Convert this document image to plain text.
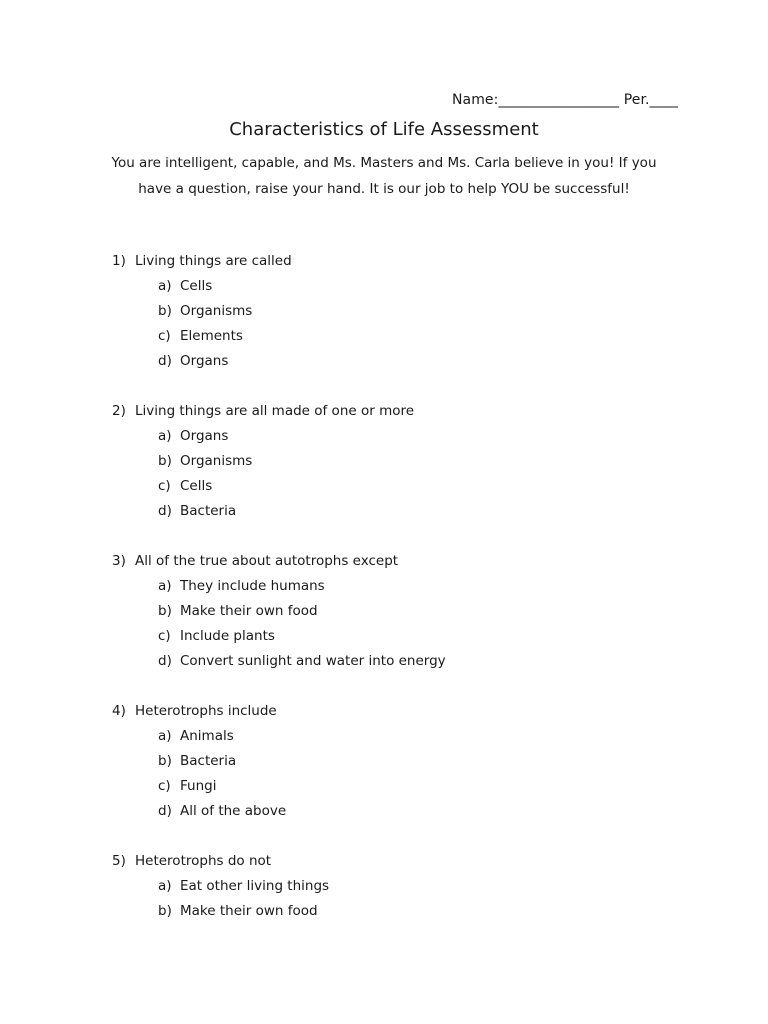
Name:_________________ Per.____
Characteristics of Life Assessment
You are intelligent, capable, and Ms. Masters and Ms. Carla believe in you! If you have a question, raise your hand. It is our job to help YOU be successful!
1) Living things are called
a) Cells
b) Organisms
c) Elements
d) Organs
2) Living things are all made of one or more
a) Organs
b) Organisms
c) Cells
d) Bacteria
3) All of the true about autotrophs except
a) They include humans
b) Make their own food
c) Include plants
d) Convert sunlight and water into energy
4) Heterotrophs include
a) Animals
b) Bacteria
c) Fungi
d) All of the above
5) Heterotrophs do not
a) Eat other living things
b) Make their own food
